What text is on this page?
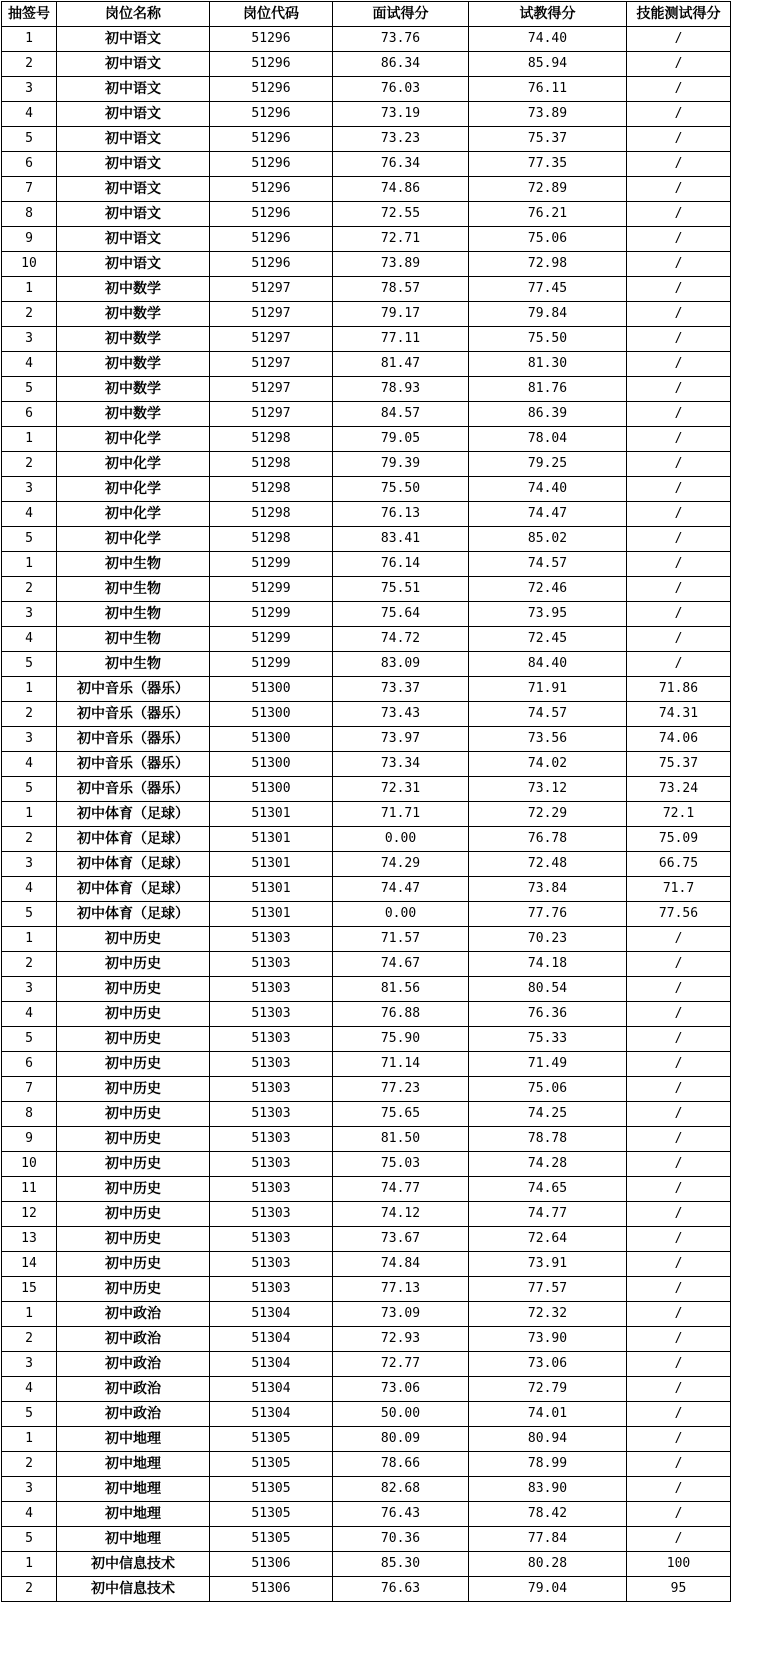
抽签号	岗位名称	岗位代码	面试得分	试教得分	技能测试得分
1	初中语文	51296	73.76	74.40	/
2	初中语文	51296	86.34	85.94	/
3	初中语文	51296	76.03	76.11	/
4	初中语文	51296	73.19	73.89	/
5	初中语文	51296	73.23	75.37	/
6	初中语文	51296	76.34	77.35	/
7	初中语文	51296	74.86	72.89	/
8	初中语文	51296	72.55	76.21	/
9	初中语文	51296	72.71	75.06	/
10	初中语文	51296	73.89	72.98	/
1	初中数学	51297	78.57	77.45	/
2	初中数学	51297	79.17	79.84	/
3	初中数学	51297	77.11	75.50	/
4	初中数学	51297	81.47	81.30	/
5	初中数学	51297	78.93	81.76	/
6	初中数学	51297	84.57	86.39	/
1	初中化学	51298	79.05	78.04	/
2	初中化学	51298	79.39	79.25	/
3	初中化学	51298	75.50	74.40	/
4	初中化学	51298	76.13	74.47	/
5	初中化学	51298	83.41	85.02	/
1	初中生物	51299	76.14	74.57	/
2	初中生物	51299	75.51	72.46	/
3	初中生物	51299	75.64	73.95	/
4	初中生物	51299	74.72	72.45	/
5	初中生物	51299	83.09	84.40	/
1	初中音乐（器乐）	51300	73.37	71.91	71.86
2	初中音乐（器乐）	51300	73.43	74.57	74.31
3	初中音乐（器乐）	51300	73.97	73.56	74.06
4	初中音乐（器乐）	51300	73.34	74.02	75.37
5	初中音乐（器乐）	51300	72.31	73.12	73.24
1	初中体育（足球）	51301	71.71	72.29	72.1
2	初中体育（足球）	51301	0.00	76.78	75.09
3	初中体育（足球）	51301	74.29	72.48	66.75
4	初中体育（足球）	51301	74.47	73.84	71.7
5	初中体育（足球）	51301	0.00	77.76	77.56
1	初中历史	51303	71.57	70.23	/
2	初中历史	51303	74.67	74.18	/
3	初中历史	51303	81.56	80.54	/
4	初中历史	51303	76.88	76.36	/
5	初中历史	51303	75.90	75.33	/
6	初中历史	51303	71.14	71.49	/
7	初中历史	51303	77.23	75.06	/
8	初中历史	51303	75.65	74.25	/
9	初中历史	51303	81.50	78.78	/
10	初中历史	51303	75.03	74.28	/
11	初中历史	51303	74.77	74.65	/
12	初中历史	51303	74.12	74.77	/
13	初中历史	51303	73.67	72.64	/
14	初中历史	51303	74.84	73.91	/
15	初中历史	51303	77.13	77.57	/
1	初中政治	51304	73.09	72.32	/
2	初中政治	51304	72.93	73.90	/
3	初中政治	51304	72.77	73.06	/
4	初中政治	51304	73.06	72.79	/
5	初中政治	51304	50.00	74.01	/
1	初中地理	51305	80.09	80.94	/
2	初中地理	51305	78.66	78.99	/
3	初中地理	51305	82.68	83.90	/
4	初中地理	51305	76.43	78.42	/
5	初中地理	51305	70.36	77.84	/
1	初中信息技术	51306	85.30	80.28	100
2	初中信息技术	51306	76.63	79.04	95
